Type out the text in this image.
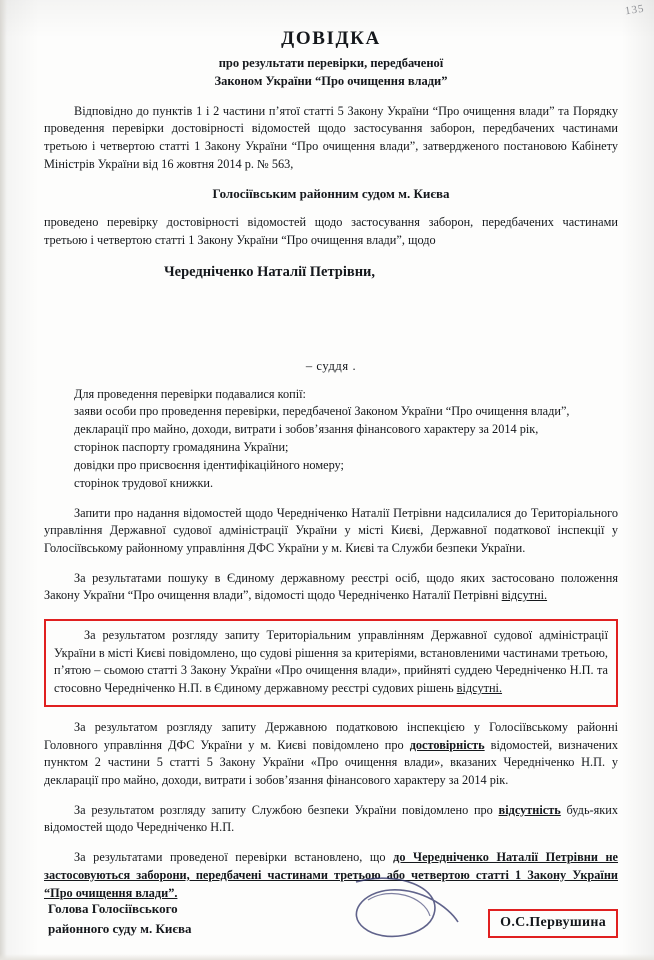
135
ДОВІДКА
про результати перевірки, передбаченої
Законом України “Про очищення влади”
Відповідно до пунктів 1 і 2 частини п’ятої статті 5 Закону України “Про очищення влади” та Порядку проведення перевірки достовірності відомостей щодо застосування заборон, передбачених частинами третьою і четвертою статті 1 Закону України “Про очищення влади”, затвердженого постановою Кабінету Міністрів України від 16 жовтня 2014 р. № 563,
Голосіївським районним судом м. Києва
проведено перевірку достовірності відомостей щодо застосування заборон, передбачених частинами третьою і четвертою статті 1 Закону України “Про очищення влади”, щодо
Чередніченко Наталії Петрівни,
– суддя .
Для проведення перевірки подавалися копії:
заяви особи про проведення перевірки, передбаченої Законом України “Про очищення влади”,
декларації про майно, доходи, витрати і зобов’язання фінансового характеру за 2014 рік,
сторінок паспорту громадянина України;
довідки про присвоєння ідентифікаційного номеру;
сторінок трудової книжки.
Запити про надання відомостей щодо Чередніченко Наталії Петрівни надсилалися до Територіального управління Державної судової адміністрації України у місті Києві, Державної податкової інспекції у Голосіївському районному управління ДФС України у м. Києві та Служби безпеки України.
За результатами пошуку в Єдиному державному реєстрі осіб, щодо яких застосовано положення Закону України “Про очищення влади”, відомості щодо Чередніченко Наталії Петрівні відсутні.
За результатом розгляду запиту Територіальним управлінням Державної судової адміністрації України в місті Києві повідомлено, що судові рішення за критеріями, встановленими частинами третьою, п’ятою – сьомою статті 3 Закону України «Про очищення влади», прийняті суддею Чередніченко Н.П. та стосовно Чередніченко Н.П. в Єдиному державному реєстрі судових рішень відсутні.
За результатом розгляду запиту Державною податковою інспекцією у Голосіївському районні Головного управління ДФС України у м. Києві повідомлено про достовірність відомостей, визначених пунктом 2 частини 5 статті 5 Закону України «Про очищення влади», вказаних Чередніченко Н.П. у декларації про майно, доходи, витрати і зобов’язання фінансового характеру за 2014 рік.
За результатом розгляду запиту Службою безпеки України повідомлено про відсутність будь-яких відомостей щодо Чередніченко Н.П.
За результатами проведеної перевірки встановлено, що до Чередніченко Наталії Петрівни не застосовуються заборони, передбачені частинами третьою або четвертою статті 1 Закону України “Про очищення влади”.
Голова Голосіївського
районного суду м. Києва	О.С.Первушина
